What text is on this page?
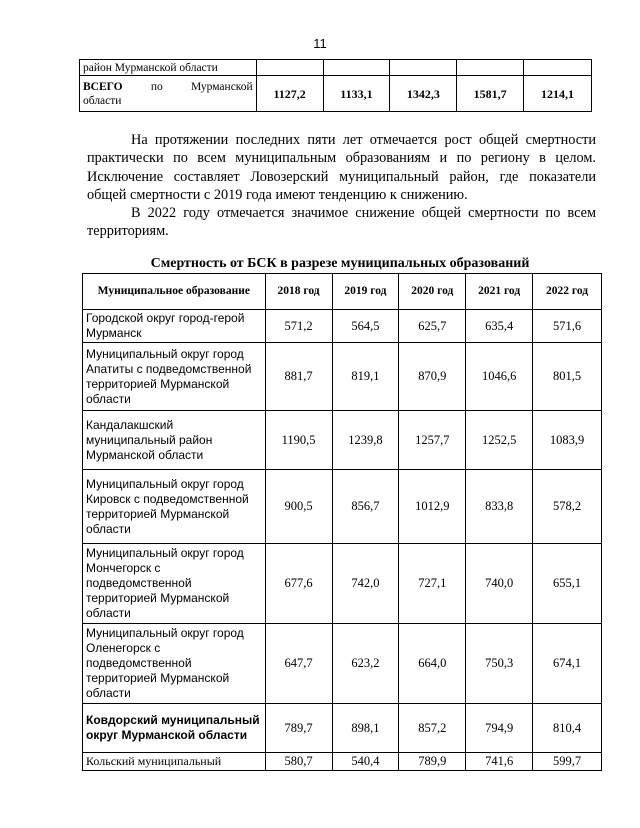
11
район Мурманской области					

ВСЕГО по Мурманской
области	1127,2	1133,1	1342,3	1581,7	1214,1

На протяжении последних пяти лет отмечается рост общей смертности практически по всем муниципальным образованиям и по региону в целом. Исключение составляет Ловозерский муниципальный район, где показатели общей смертности с 2019 года имеют тенденцию к снижению.

В 2022 году отмечается значимое снижение общей смертности по всем территориям.

Смертность от БСК в разрезе муниципальных образований

Муниципальное образование	2018 год	2019 год	2020 год	2021 год	2022 год
Городской округ город-герой Мурманск	571,2	564,5	625,7	635,4	571,6
Муниципальный округ город Апатиты с подведомственной территорией Мурманской области	881,7	819,1	870,9	1046,6	801,5
Кандалакшский муниципальный район Мурманской области	1190,5	1239,8	1257,7	1252,5	1083,9
Муниципальный округ город Кировск с подведомственной территорией Мурманской области	900,5	856,7	1012,9	833,8	578,2
Муниципальный округ город Мончегорск с подведомственной территорией Мурманской области	677,6	742,0	727,1	740,0	655,1
Муниципальный округ город Оленегорск с подведомственной территорией Мурманской области	647,7	623,2	664,0	750,3	674,1
Ковдорский муниципальный округ Мурманской области	789,7	898,1	857,2	794,9	810,4
Кольский муниципальный	580,7	540,4	789,9	741,6	599,7
